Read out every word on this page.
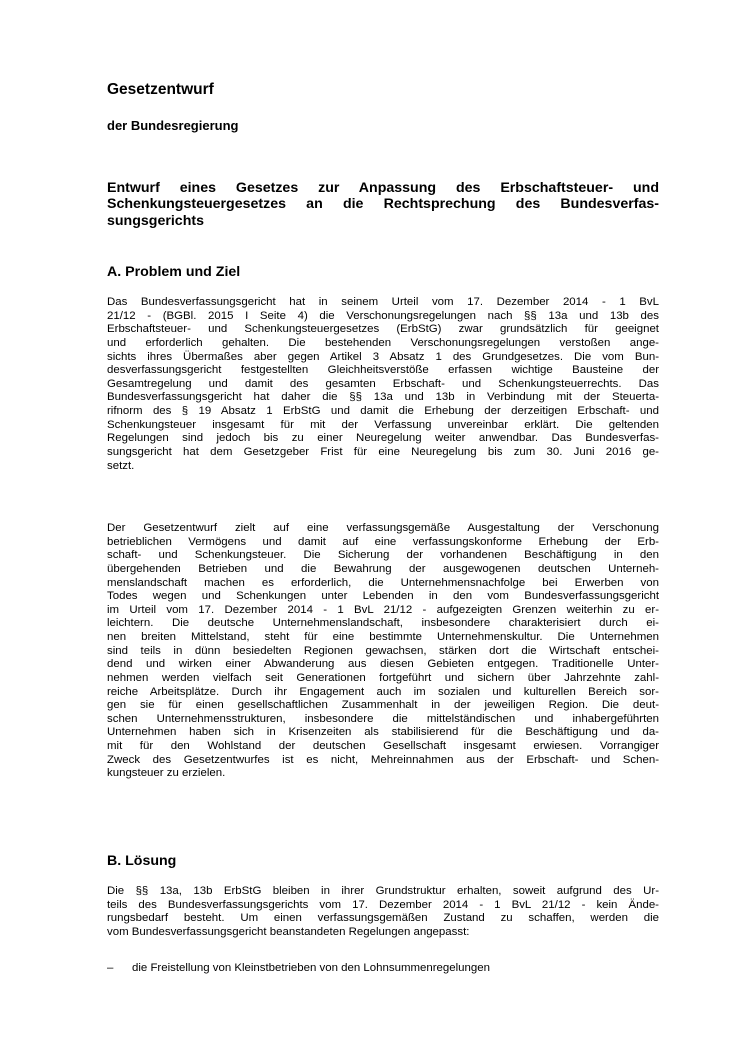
Gesetzentwurf
der Bundesregierung
Entwurf eines Gesetzes zur Anpassung des Erbschaftsteuer- und Schenkungsteuergesetzes an die Rechtsprechung des Bundesverfassungsgerichts
A. Problem und Ziel
Das Bundesverfassungsgericht hat in seinem Urteil vom 17. Dezember 2014 - 1 BvL
21/12 - (BGBl. 2015 I Seite 4) die Verschonungsregelungen nach §§ 13a und 13b des
Erbschaftsteuer- und Schenkungsteuergesetzes (ErbStG) zwar grundsätzlich für geeignet
und erforderlich gehalten. Die bestehenden Verschonungsregelungen verstoßen ange-
sichts ihres Übermaßes aber gegen Artikel 3 Absatz 1 des Grundgesetzes. Die vom Bun-
desverfassungsgericht festgestellten Gleichheitsverstöße erfassen wichtige Bausteine der
Gesamtregelung und damit des gesamten Erbschaft- und Schenkungsteuerrechts. Das
Bundesverfassungsgericht hat daher die §§ 13a und 13b in Verbindung mit der Steuerta-
rifnorm des § 19 Absatz 1 ErbStG und damit die Erhebung der derzeitigen Erbschaft- und
Schenkungsteuer insgesamt für mit der Verfassung unvereinbar erklärt. Die geltenden
Regelungen sind jedoch bis zu einer Neuregelung weiter anwendbar. Das Bundesverfas-
sungsgericht hat dem Gesetzgeber Frist für eine Neuregelung bis zum 30. Juni 2016 ge-
setzt.
Der Gesetzentwurf zielt auf eine verfassungsgemäße Ausgestaltung der Verschonung
betrieblichen Vermögens und damit auf eine verfassungskonforme Erhebung der Erb-
schaft- und Schenkungsteuer. Die Sicherung der vorhandenen Beschäftigung in den
übergehenden Betrieben und die Bewahrung der ausgewogenen deutschen Unterneh-
menslandschaft machen es erforderlich, die Unternehmensnachfolge bei Erwerben von
Todes wegen und Schenkungen unter Lebenden in den vom Bundesverfassungsgericht
im Urteil vom 17. Dezember 2014 - 1 BvL 21/12 - aufgezeigten Grenzen weiterhin zu er-
leichtern. Die deutsche Unternehmenslandschaft, insbesondere charakterisiert durch ei-
nen breiten Mittelstand, steht für eine bestimmte Unternehmenskultur. Die Unternehmen
sind teils in dünn besiedelten Regionen gewachsen, stärken dort die Wirtschaft entschei-
dend und wirken einer Abwanderung aus diesen Gebieten entgegen. Traditionelle Unter-
nehmen werden vielfach seit Generationen fortgeführt und sichern über Jahrzehnte zahl-
reiche Arbeitsplätze. Durch ihr Engagement auch im sozialen und kulturellen Bereich sor-
gen sie für einen gesellschaftlichen Zusammenhalt in der jeweiligen Region. Die deut-
schen Unternehmensstrukturen, insbesondere die mittelständischen und inhabergeführten
Unternehmen haben sich in Krisenzeiten als stabilisierend für die Beschäftigung und da-
mit für den Wohlstand der deutschen Gesellschaft insgesamt erwiesen. Vorrangiger
Zweck des Gesetzentwurfes ist es nicht, Mehreinnahmen aus der Erbschaft- und Schen-
kungsteuer zu erzielen.
B. Lösung
Die §§ 13a, 13b ErbStG bleiben in ihrer Grundstruktur erhalten, soweit aufgrund des Ur-
teils des Bundesverfassungsgerichts vom 17. Dezember 2014 - 1 BvL 21/12 - kein Ände-
rungsbedarf besteht. Um einen verfassungsgemäßen Zustand zu schaffen, werden die
vom Bundesverfassungsgericht beanstandeten Regelungen angepasst:
– die Freistellung von Kleinstbetrieben von den Lohnsummenregelungen
